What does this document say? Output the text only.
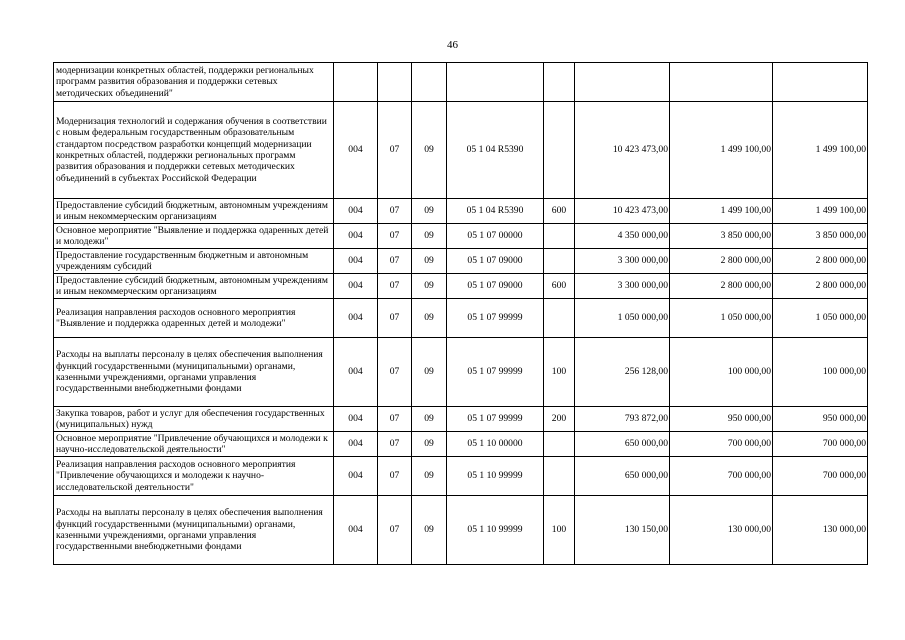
46
модернизации конкретных областей, поддержки региональных программ развития образования и поддержки сетевых методических объединений"								
Модернизация технологий и содержания обучения в соответствии с новым федеральным государственным образовательным стандартом посредством разработки концепций модернизации конкретных областей, поддержки региональных программ развития образования и поддержки сетевых методических объединений в субъектах Российской Федерации	004	07	09	05 1 04 R5390		10 423 473,00	1 499 100,00	1 499 100,00
Предоставление субсидий бюджетным, автономным учреждениям и иным некоммерческим организациям	004	07	09	05 1 04 R5390	600	10 423 473,00	1 499 100,00	1 499 100,00
Основное мероприятие "Выявление и поддержка одаренных детей и молодежи"	004	07	09	05 1 07 00000		4 350 000,00	3 850 000,00	3 850 000,00
Предоставление государственным бюджетным и автономным учреждениям субсидий	004	07	09	05 1 07 09000		3 300 000,00	2 800 000,00	2 800 000,00
Предоставление субсидий бюджетным, автономным учреждениям и иным некоммерческим организациям	004	07	09	05 1 07 09000	600	3 300 000,00	2 800 000,00	2 800 000,00
Реализация направления расходов основного мероприятия "Выявление и поддержка одаренных детей и молодежи"	004	07	09	05 1 07 99999		1 050 000,00	1 050 000,00	1 050 000,00
Расходы на выплаты персоналу в целях обеспечения выполнения функций государственными (муниципальными) органами, казенными учреждениями, органами управления государственными внебюджетными фондами	004	07	09	05 1 07 99999	100	256 128,00	100 000,00	100 000,00
Закупка товаров, работ и услуг для обеспечения государственных (муниципальных) нужд	004	07	09	05 1 07 99999	200	793 872,00	950 000,00	950 000,00
Основное мероприятие "Привлечение обучающихся и молодежи к научно-исследовательской деятельности"	004	07	09	05 1 10 00000		650 000,00	700 000,00	700 000,00
Реализация направления расходов основного мероприятия "Привлечение обучающихся и молодежи к научно-исследовательской деятельности"	004	07	09	05 1 10 99999		650 000,00	700 000,00	700 000,00
Расходы на выплаты персоналу в целях обеспечения выполнения функций государственными (муниципальными) органами, казенными учреждениями, органами управления государственными внебюджетными фондами	004	07	09	05 1 10 99999	100	130 150,00	130 000,00	130 000,00
